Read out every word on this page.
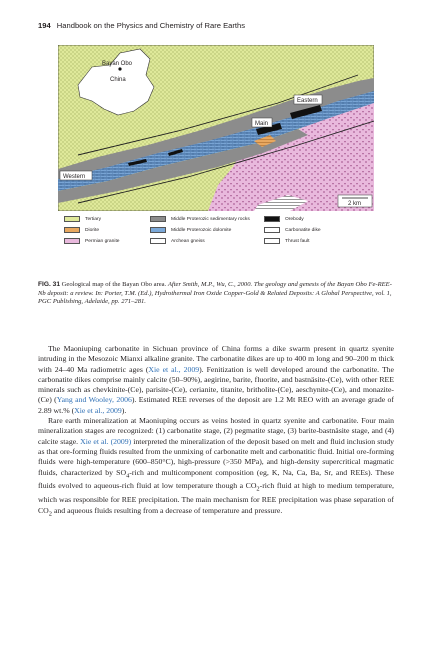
194 Handbook on the Physics and Chemistry of Rare Earths
Bayan Obo
China
Eastern
Main
Western
2 km
Tertiary
Diorite
Permian granite
Middle Proterozic sedimentary rocks
Middle Proterozoic dolomite
Archean gneiss
Orebody
Carbonatite dike
Thrust fault
FIG. 31 Geological map of the Bayan Obo area. After Smith, M.P., Wu, C., 2000. The geology and genesis of the Bayan Obo Fe-REE-Nb deposit: a review. In: Porter, T.M. (Ed.), Hydrothermal Iron Oxide Copper-Gold & Related Deposits: A Global Perspective, vol. 1, PGC Publishing, Adelaide, pp. 271–281.

The Maoniuping carbonatite in Sichuan province of China forms a dike swarm present in quartz syenite intruding in the Mesozoic Mianxi alkaline granite. The carbonatite dikes are up to 400 m long and 90–200 m thick with 24–40 Ma radiometric ages (Xie et al., 2009). Fenitization is well developed around the carbonatite. The carbonatite dikes comprise mainly calcite (50–90%), aegirine, barite, fluorite, and bastnäsite-(Ce), with other REE minerals such as chevkinite-(Ce), parisite-(Ce), cerianite, titanite, britholite-(Ce), aeschynite-(Ce), and monazite-(Ce) (Yang and Wooley, 2006). Estimated REE reverses of the deposit are 1.2 Mt REO with an average grade of 2.89 wt.% (Xie et al., 2009).

Rare earth mineralization at Maoniuping occurs as veins hosted in quartz syenite and carbonatite. Four main mineralization stages are recognized: (1) carbonatite stage, (2) pegmatite stage, (3) barite-bastnäsite stage, and (4) calcite stage. Xie et al. (2009) interpreted the mineralization of the deposit based on melt and fluid inclusion study as that ore-forming fluids resulted from the unmixing of carbonatite melt and carbonatitic fluid. Initial ore-forming fluids were high-temperature (600–850°C), high-pressure (>350 MPa), and high-density supercritical magmatic fluids, characterized by $SO_4$-rich and multicomponent composition (eg, K, Na, Ca, Ba, Sr, and REEs). These fluids evolved to aqueous-rich fluid at low temperature though a $CO_2$-rich fluid at high to medium temperature, which was responsible for REE precipitation. The main mechanism for REE precipitation was phase separation of $CO_2$ and aqueous fluids resulting from a decrease of temperature and pressure.
